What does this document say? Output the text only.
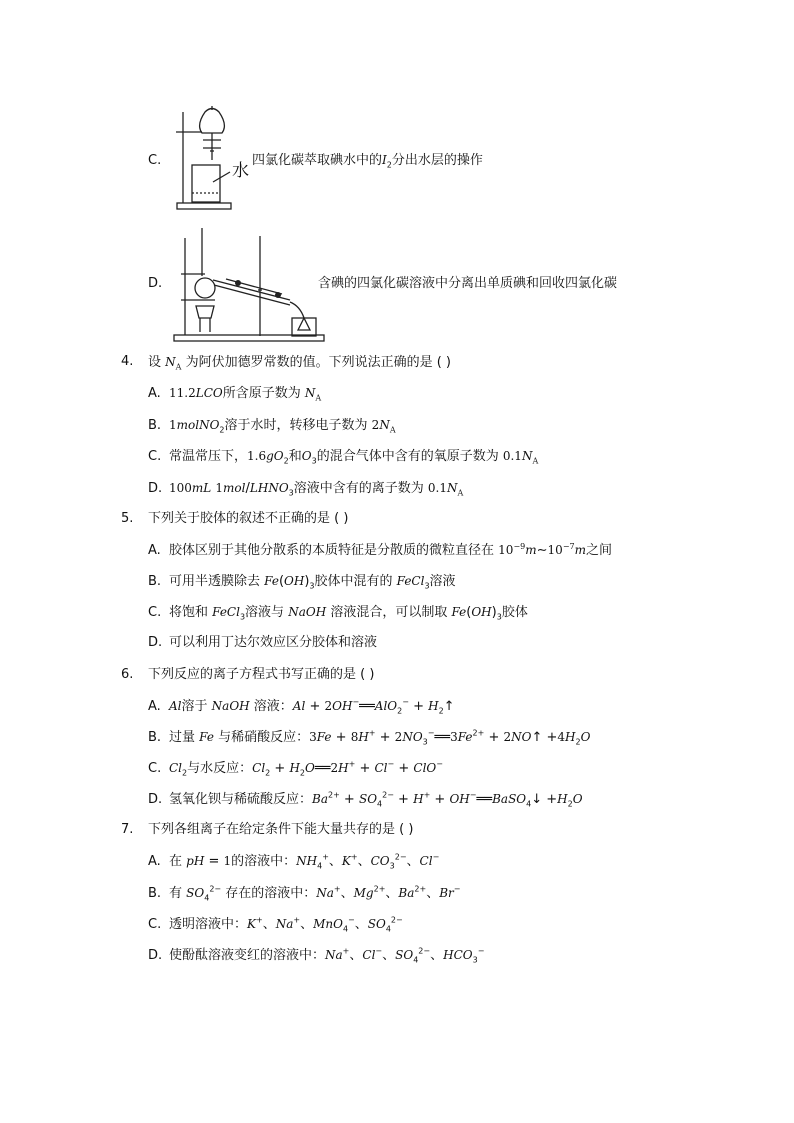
C.
水
四氯化碳萃取碘水中的$I_2$分出水层的操作
D.	含碘的四氯化碳溶液中分离出单质碘和回收四氯化碳
4. 设 $N_A$ 为阿伏加德罗常数的值。下列说法正确的是 ( )
A. 11.2LCO所含原子数为 $N_A$
B. 1molNO$_2$溶于水时，转移电子数为 $2N_A$
C. 常温常压下，$1.6gO_2$和$O_3$的混合气体中含有的氧原子数为 $0.1N_A$
D. 100mL $1mol/LHNO_3$溶液中含有的离子数为 $0.1N_A$
5. 下列关于胶体的叙述不正确的是 ( )
A. 胶体区别于其他分散系的本质特征是分散质的微粒直径在 $10^{-9}m\sim 10^{-7}m$之间
B. 可用半透膜除去 $Fe(OH)_3$胶体中混有的 FeCl$_3$溶液
C. 将饱和 FeCl$_3$溶液与 NaOH 溶液混合，可以制取 $Fe(OH)_3$胶体
D. 可以利用丁达尔效应区分胶体和溶液
6. 下列反应的离子方程式书写正确的是 ( )
A. Al溶于 NaOH 溶液：Al + 2OH−══AlO$_2$− + $H_2↑$
B. 过量 Fe 与稀硝酸反应：$3Fe + 8H^+ + 2NO_3^-══3Fe^{2+}$ + 2NO↑ $+4H_2O$
C. $Cl_2$与水反应：$Cl_2$ + $H_2O══2H^+ + Cl^- + ClO^-$
D. 氢氧化钡与稀硫酸反应：$Ba^{2+} + SO_4^{2-} + H^+$ + OH−══BaSO$_4$↓ $+H_2O$
7. 下列各组离子在给定条件下能大量共存的是 ( )
A. 在 pH = 1的溶液中：$NH_4^+$、K+、$CO_3^{2-}$、Cl−
B. 有 $SO_4^{2-}$ 存在的溶液中：Na+、$Mg^{2+}$、$Ba^{2+}$、Br−
C. 透明溶液中：K+、Na+、MnO$_4$−、$SO_4^{2-}$
D. 使酚酞溶液变红的溶液中：Na+、Cl−、$SO_4^{2-}$、$HCO_3^-$
